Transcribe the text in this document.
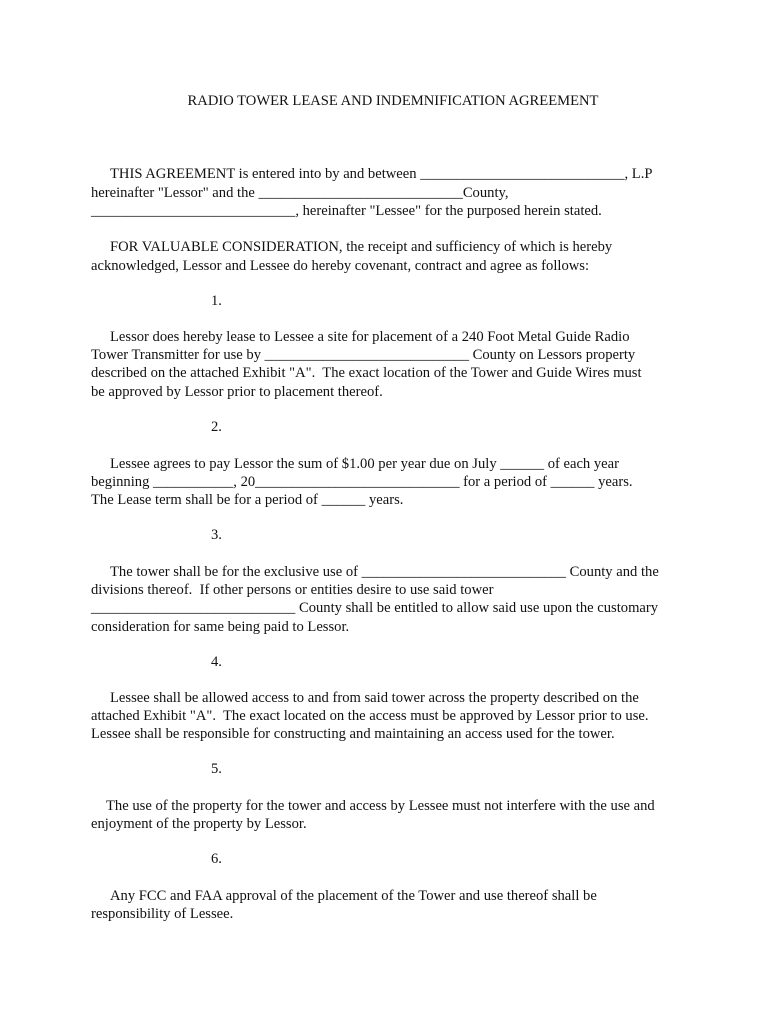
RADIO TOWER LEASE AND INDEMNIFICATION AGREEMENT
THIS AGREEMENT is entered into by and between ____________________________, L.P
hereinafter "Lessor" and the ____________________________County,
____________________________, hereinafter "Lessee" for the purposed herein stated.
FOR VALUABLE CONSIDERATION, the receipt and sufficiency of which is hereby
acknowledged, Lessor and Lessee do hereby covenant, contract and agree as follows:
1.
Lessor does hereby lease to Lessee a site for placement of a 240 Foot Metal Guide Radio
Tower Transmitter for use by ____________________________ County on Lessors property
described on the attached Exhibit "A".  The exact location of the Tower and Guide Wires must
be approved by Lessor prior to placement thereof.
2.
Lessee agrees to pay Lessor the sum of $1.00 per year due on July ______ of each year
beginning ___________, 20____________________________ for a period of ______ years.
The Lease term shall be for a period of ______ years.
3.
The tower shall be for the exclusive use of ____________________________ County and the
divisions thereof.  If other persons or entities desire to use said tower
____________________________ County shall be entitled to allow said use upon the customary
consideration for same being paid to Lessor.
4.
Lessee shall be allowed access to and from said tower across the property described on the
attached Exhibit "A".  The exact located on the access must be approved by Lessor prior to use.
Lessee shall be responsible for constructing and maintaining an access used for the tower.
5.
The use of the property for the tower and access by Lessee must not interfere with the use and
enjoyment of the property by Lessor.
6.
Any FCC and FAA approval of the placement of the Tower and use thereof shall be
responsibility of Lessee.
